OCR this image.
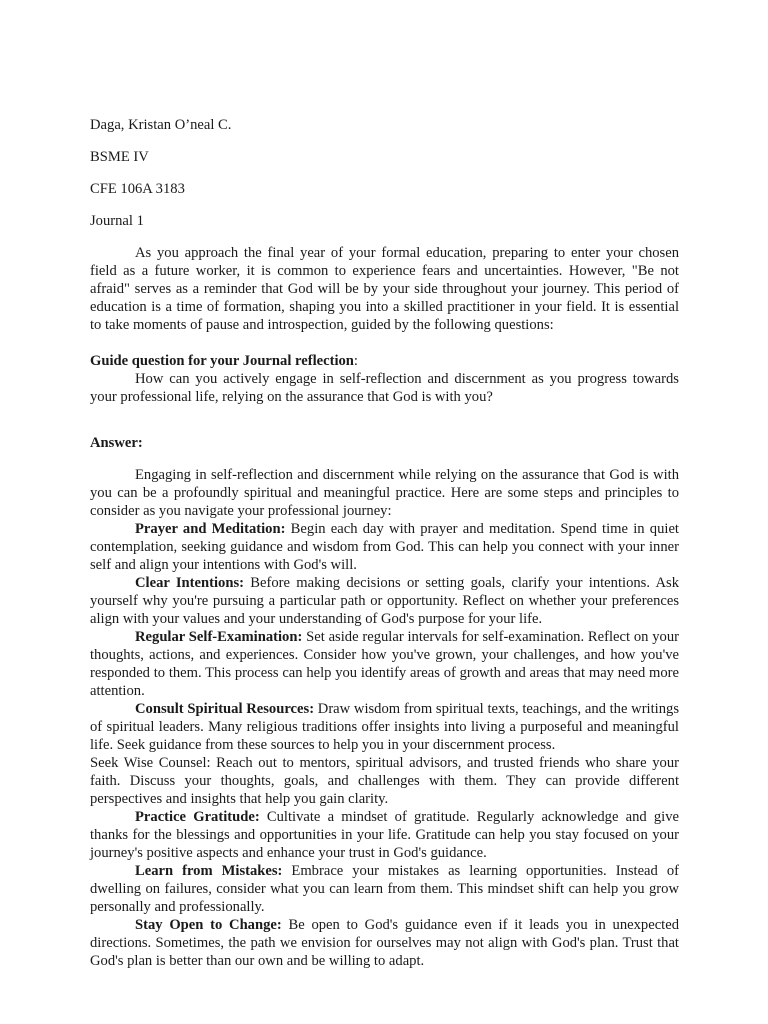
Daga, Kristan O’neal C.
BSME IV
CFE 106A 3183
Journal 1

As you approach the final year of your formal education, preparing to enter your chosen field as a future worker, it is common to experience fears and uncertainties. However, "Be not afraid" serves as a reminder that God will be by your side throughout your journey. This period of education is a time of formation, shaping you into a skilled practitioner in your field. It is essential to take moments of pause and introspection, guided by the following questions:

Guide question for your Journal reflection:

How can you actively engage in self-reflection and discernment as you progress towards your professional life, relying on the assurance that God is with you?

Answer:

Engaging in self-reflection and discernment while relying on the assurance that God is with you can be a profoundly spiritual and meaningful practice. Here are some steps and principles to consider as you navigate your professional journey:

Prayer and Meditation: Begin each day with prayer and meditation. Spend time in quiet contemplation, seeking guidance and wisdom from God. This can help you connect with your inner self and align your intentions with God's will.

Clear Intentions: Before making decisions or setting goals, clarify your intentions. Ask yourself why you're pursuing a particular path or opportunity. Reflect on whether your preferences align with your values and your understanding of God's purpose for your life.

Regular Self-Examination: Set aside regular intervals for self-examination. Reflect on your thoughts, actions, and experiences. Consider how you've grown, your challenges, and how you've responded to them. This process can help you identify areas of growth and areas that may need more attention.

Consult Spiritual Resources: Draw wisdom from spiritual texts, teachings, and the writings of spiritual leaders. Many religious traditions offer insights into living a purposeful and meaningful life. Seek guidance from these sources to help you in your discernment process.

Seek Wise Counsel: Reach out to mentors, spiritual advisors, and trusted friends who share your faith. Discuss your thoughts, goals, and challenges with them. They can provide different perspectives and insights that help you gain clarity.

Practice Gratitude: Cultivate a mindset of gratitude. Regularly acknowledge and give thanks for the blessings and opportunities in your life. Gratitude can help you stay focused on your journey's positive aspects and enhance your trust in God's guidance.

Learn from Mistakes: Embrace your mistakes as learning opportunities. Instead of dwelling on failures, consider what you can learn from them. This mindset shift can help you grow personally and professionally.

Stay Open to Change: Be open to God's guidance even if it leads you in unexpected directions. Sometimes, the path we envision for ourselves may not align with God's plan. Trust that God's plan is better than our own and be willing to adapt.
